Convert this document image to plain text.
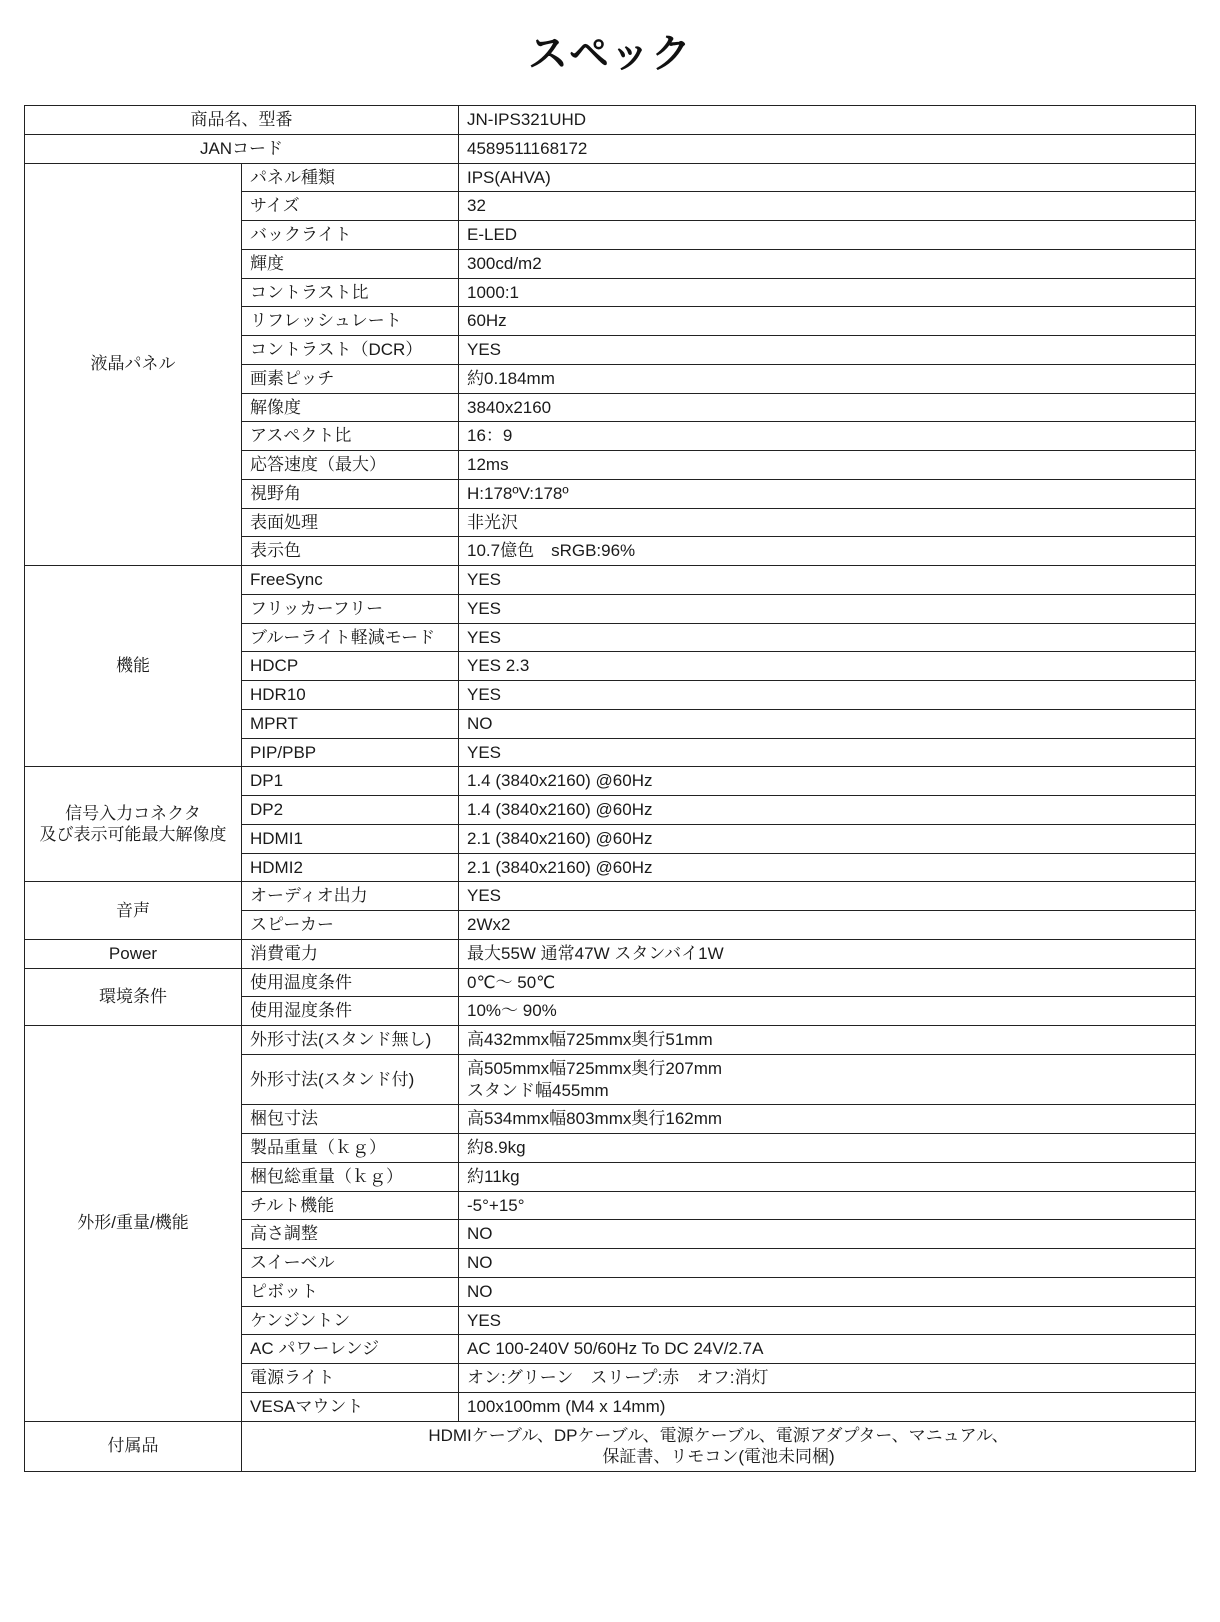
スペック
商品名、型番		JN-IPS321UHD
JANコード		4589511168172
液晶パネル	パネル種類	IPS(AHVA)
	サイズ	32
	バックライト	E-LED
	輝度	300cd/m2
	コントラスト比	1000:1
	リフレッシュレート	60Hz
	コントラスト（DCR）	YES
	画素ピッチ	約0.184mm
	解像度	3840x2160
	アスペクト比	16：9
	応答速度（最大）	12ms
	視野角	H:178ºV:178º
	表面処理	非光沢
	表示色	10.7億色　sRGB:96%
機能	FreeSync	YES
	フリッカーフリー	YES
	ブルーライト軽減モード	YES
	HDCP	YES 2.3
	HDR10	YES
	MPRT	NO
	PIP/PBP	YES

信号入力コネクタ
及び表示可能最大解像度	DP1	1.4 (3840x2160) @60Hz
	DP2	1.4 (3840x2160) @60Hz
	HDMI1	2.1 (3840x2160) @60Hz
	HDMI2	2.1 (3840x2160) @60Hz
音声	オーディオ出力	YES
	スピーカー	2Wx2
Power	消費電力	最大55W 通常47W スタンバイ1W
環境条件	使用温度条件	0℃〜 50℃
	使用湿度条件	10%〜 90%
外形/重量/機能	外形寸法(スタンド無し)	高432mmx幅725mmx奥行51mm
	外形寸法(スタンド付)	高505mmx幅725mmx奥行207mm
スタンド幅455mm

	梱包寸法	高534mmx幅803mmx奥行162mm
	製品重量（ｋｇ）	約8.9kg
	梱包総重量（ｋｇ）	約11kg
	チルト機能	-5°+15°
	高さ調整	NO
	スイーベル	NO
	ピボット	NO
	ケンジントン	YES
	AC パワーレンジ	AC 100-240V 50/60Hz To DC 24V/2.7A
	電源ライト	オン:グリーン　スリープ:赤　オフ:消灯
	VESAマウント	100x100mm (M4 x 14mm)
付属品	HDMIケーブル、DPケーブル、電源ケーブル、電源アダプター、マニュアル、
保証書、リモコン(電池未同梱)	
